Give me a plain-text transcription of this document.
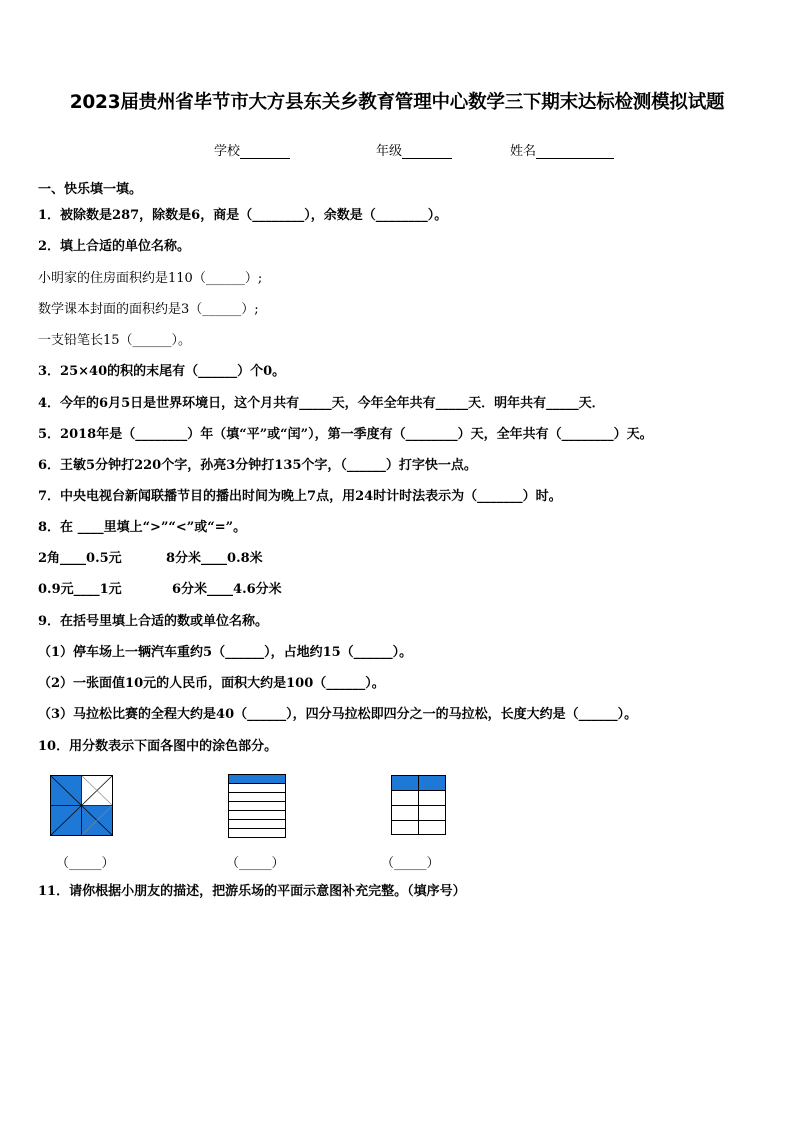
2023届贵州省毕节市大方县东关乡教育管理中心数学三下期末达标检测模拟试题
学校	年级	姓名
一、快乐填一填。
1．被除数是287，除数是6，商是（________），余数是（________）。
2．填上合适的单位名称。
小明家的住房面积约是110（______）;
数学课本封面的面积约是3（______）;
一支铅笔长15（______）。
3．25×40的积的末尾有（______）个0。
4．今年的6月5日是世界环境日，这个月共有_____天，今年全年共有_____天．明年共有_____天．
5．2018年是（________）年（填“平”或“闰”），第一季度有（________）天，全年共有（________）天。
6．王敏5分钟打220个字，孙亮3分钟打135个字，（______）打字快一点。
7．中央电视台新闻联播节目的播出时间为晚上7点，用24时计时法表示为（_______）时。
8．在 ____里填上“>”“<”或“=”。
2角____0.5元	8分米____0.8米
0.9元____1元	6分米____4.6分米
9．在括号里填上合适的数或单位名称。
（1）停车场上一辆汽车重约5（______），占地约15（______）。
（2）一张面值10元的人民币，面积大约是100（______）。
（3）马拉松比赛的全程大约是40（______），四分马拉松即四分之一的马拉松，长度大约是（______）。
10．用分数表示下面各图中的涂色部分。
（_____）	（_____）	（_____）
11．请你根据小朋友的描述，把游乐场的平面示意图补充完整。（填序号）
